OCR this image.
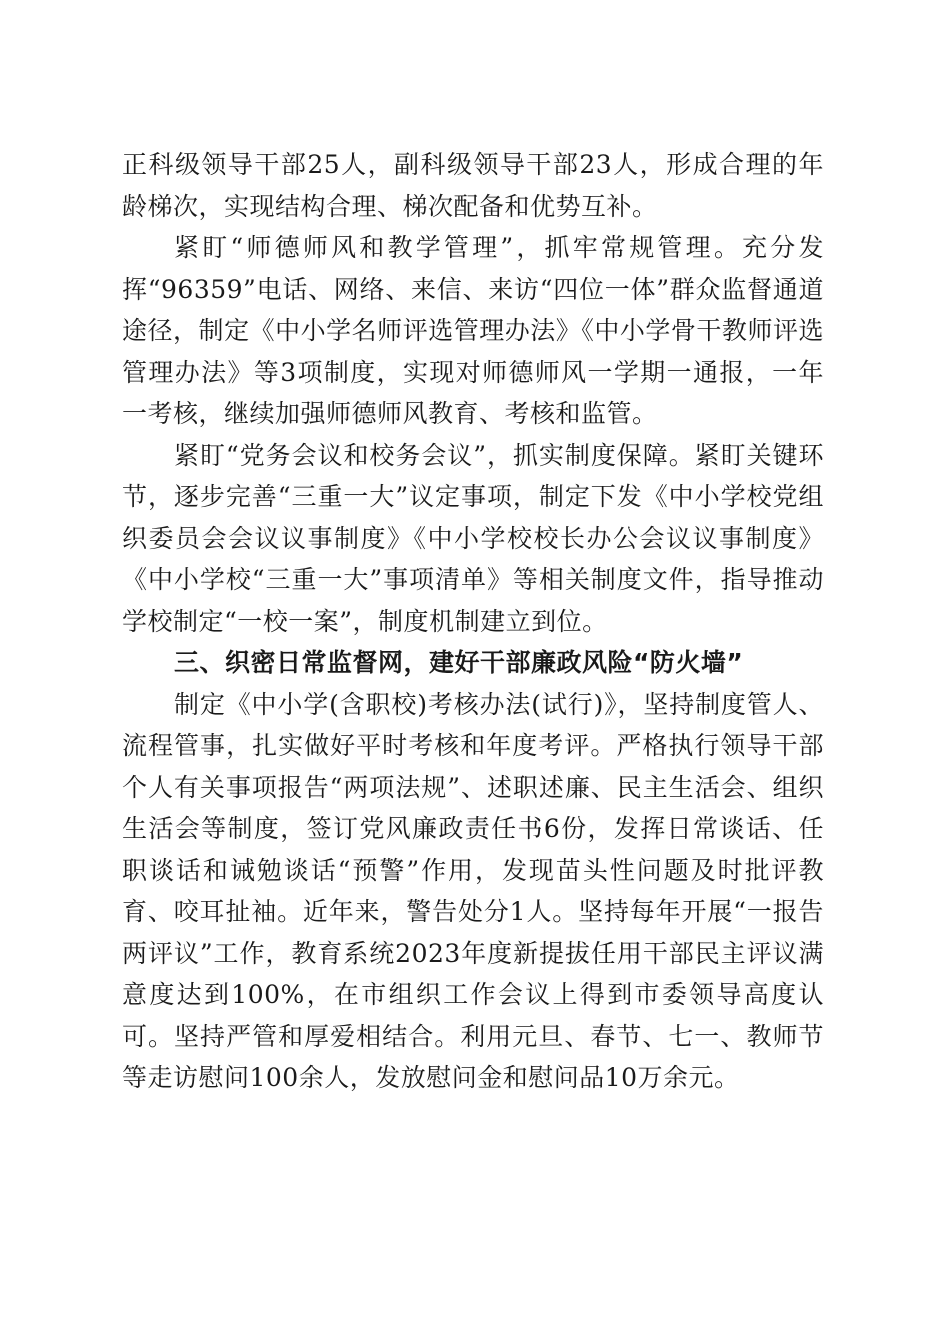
正科级领导干部25人，副科级领导干部23人，形成合理的年龄梯次，实现结构合理、梯次配备和优势互补。

紧盯“师德师风和教学管理”，抓牢常规管理。充分发挥“96359”电话、网络、来信、来访“四位一体”群众监督通道途径，制定《中小学名师评选管理办法》《中小学骨干教师评选管理办法》等3项制度，实现对师德师风一学期一通报，一年一考核，继续加强师德师风教育、考核和监管。

紧盯“党务会议和校务会议”，抓实制度保障。紧盯关键环节，逐步完善“三重一大”议定事项，制定下发《中小学校党组织委员会会议议事制度》《中小学校校长办公会议议事制度》《中小学校“三重一大”事项清单》等相关制度文件，指导推动学校制定“一校一案”，制度机制建立到位。

三、织密日常监督网，建好干部廉政风险“防火墙”

制定《中小学(含职校)考核办法(试行)》，坚持制度管人、流程管事，扎实做好平时考核和年度考评。严格执行领导干部个人有关事项报告“两项法规”、述职述廉、民主生活会、组织生活会等制度，签订党风廉政责任书6份，发挥日常谈话、任职谈话和诫勉谈话“预警”作用，发现苗头性问题及时批评教育、咬耳扯袖。近年来，警告处分1人。坚持每年开展“一报告两评议”工作，教育系统2023年度新提拔任用干部民主评议满意度达到100%，在市组织工作会议上得到市委领导高度认可。坚持严管和厚爱相结合。利用元旦、春节、七一、教师节等走访慰问100余人，发放慰问金和慰问品10万余元。
